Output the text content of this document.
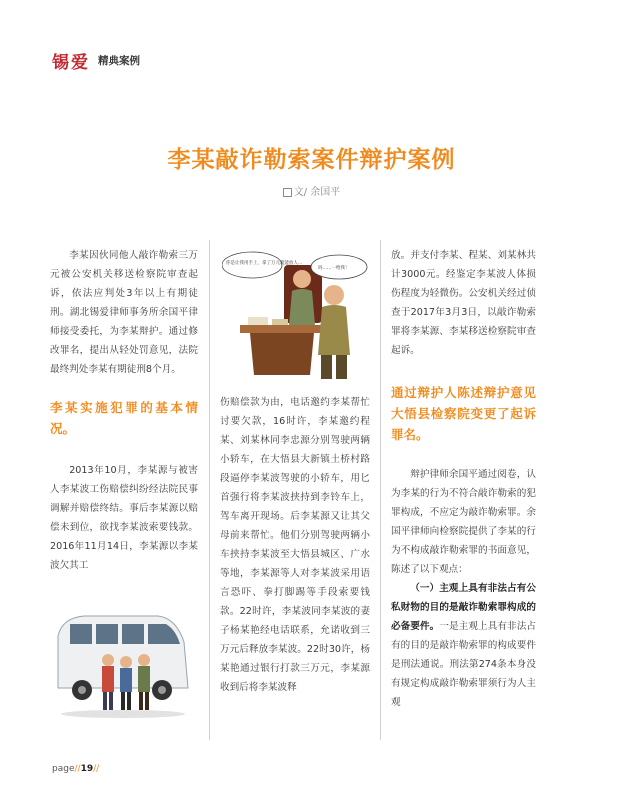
锡爱 精典案例
李某敲诈勒索案件辩护案例
文/ 余国平

李某因伙同他人敲诈勒索三万元被公安机关移送检察院审查起诉，依法应判处3年以上有期徒刑。湖北锡爱律师事务所余国平律师接受委托，为李某辩护。通过修改罪名，提出从轻处罚意见，法院最终判处李某有期徒刑8个月。

李某实施犯罪的基本情况。

2013年10月，李某源与被害人李某波工伤赔偿纠纷经法院民事调解并赔偿终结。事后李某源以赔偿未到位，欲找李某波索要钱款。2016年11月14日，李某源以李某波欠其工

你是让我用手上，拿了万元就能放人...
吗……一给我！

伤赔偿款为由，电话邀约李某帮忙讨要欠款，16时许，李某邀约程某、刘某林同李忠源分别驾驶两辆小轿车，在大悟县大新镇土桥村路段逼停李某波驾驶的小轿车，用匕首强行将李某波挟持到李铃车上，驾车离开现场。后李某源又让其父母前来帮忙。他们分别驾驶两辆小车挟持李某波至大悟县城区、广水等地，李某源等人对李某波采用语言恐吓、拳打脚踢等手段索要钱款。22时许，李某波同李某波的妻子杨某艳经电话联系，允诺收到三万元后释放李某波。22时30许，杨某艳通过银行打款三万元，李某源收到后将李某波释

放。并支付李某、程某、刘某林共计3000元。经鉴定李某波人体损伤程度为轻微伤。公安机关经过侦查于2017年3月3日，以敲诈勒索罪将李某源、李某移送检察院审查起诉。

通过辩护人陈述辩护意见大悟县检察院变更了起诉罪名。

辩护律师余国平通过阅卷，认为李某的行为不符合敲诈勒索的犯罪构成，不应定为敲诈勒索罪。余国平律师向检察院提供了李某的行为不构成敲诈勒索罪的书面意见，陈述了以下观点：

（一）主观上具有非法占有公私财物的目的是敲诈勒索罪构成的必备要件。一是主观上具有非法占有的目的是敲诈勒索罪的构成要件是刑法通说。刑法第274条本身没有规定构成敲诈勒索罪须行为人主观

page//19//
